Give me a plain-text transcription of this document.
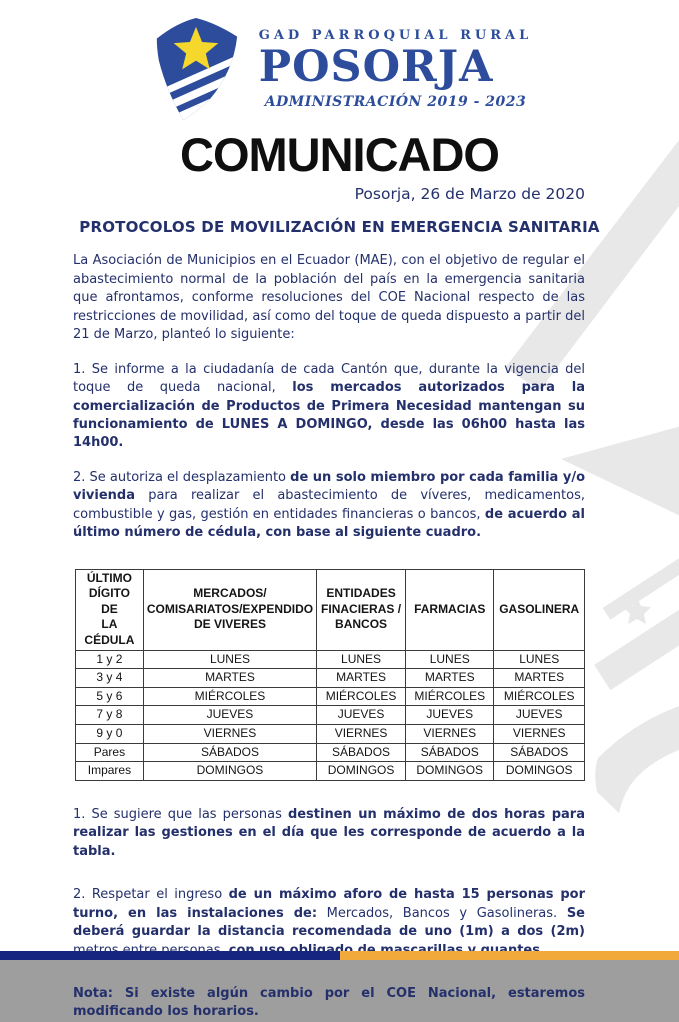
GAD PARROQUIAL RURAL
POSORJA
ADMINISTRACIÓN 2019 - 2023
COMUNICADO
Posorja, 26 de Marzo de 2020
PROTOCOLOS DE MOVILIZACIÓN EN EMERGENCIA SANITARIA

La Asociación de Municipios en el Ecuador (MAE), con el objetivo de regular el abastecimiento normal de la población del país en la emergencia sanitaria que afrontamos, conforme resoluciones del COE Nacional respecto de las restricciones de movilidad, así como del toque de queda dispuesto a partir del 21 de Marzo, planteó lo siguiente:

1. Se informe a la ciudadanía de cada Cantón que, durante la vigencia del toque de queda nacional, los mercados autorizados para la comercialización de Productos de Primera Necesidad mantengan su funcionamiento de LUNES A DOMINGO, desde las 06h00 hasta las 14h00.

2. Se autoriza el desplazamiento de un solo miembro por cada familia y/o vivienda para realizar el abastecimiento de víveres, medicamentos, combustible y gas, gestión en entidades financieras o bancos, de acuerdo al último número de cédula, con base al siguiente cuadro.

ÚLTIMO
DÍGITO DE
LA CÉDULA	MERCADOS/
COMISARIATOS/EXPENDIDO
DE VIVERES	ENTIDADES
FINACIERAS /
BANCOS	FARMACIAS	GASOLINERA
1 y 2	LUNES	LUNES	LUNES	LUNES
3 y 4	MARTES	MARTES	MARTES	MARTES
5 y 6	MIÉRCOLES	MIÉRCOLES	MIÉRCOLES	MIÉRCOLES
7 y 8	JUEVES	JUEVES	JUEVES	JUEVES
9 y 0	VIERNES	VIERNES	VIERNES	VIERNES
Pares	SÁBADOS	SÁBADOS	SÁBADOS	SÁBADOS
Impares	DOMINGOS	DOMINGOS	DOMINGOS	DOMINGOS

1. Se sugiere que las personas destinen un máximo de dos horas para realizar las gestiones en el día que les corresponde de acuerdo a la tabla.

2. Respetar el ingreso de un máximo aforo de hasta 15 personas por turno, en las instalaciones de: Mercados, Bancos y Gasolineras. Se deberá guardar la distancia recomendada de uno (1m) a dos (2m)

Nota: Si existe algún cambio por el COE Nacional, estaremos modificando los horarios.
